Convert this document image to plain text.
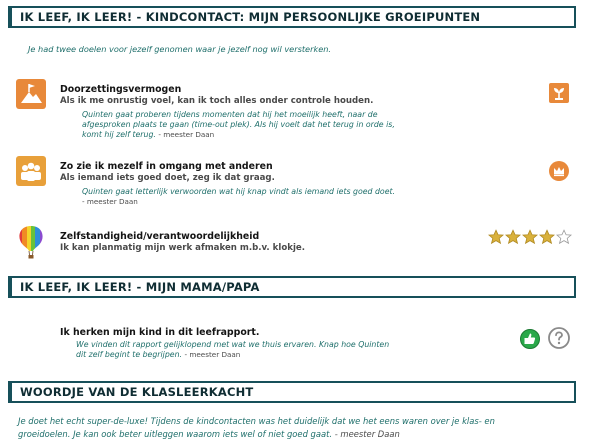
IK LEEF, IK LEER! - KINDCONTACT: MIJN PERSOONLIJKE GROEIPUNTEN
Je had twee doelen voor jezelf genomen waar je jezelf nog wil versterken.
Doorzettingsvermogen
Als ik me onrustig voel, kan ik toch alles onder controle houden.
Quinten gaat proberen tijdens momenten dat hij het moeilijk heeft, naar de
afgesproken plaats te gaan (time-out plek). Als hij voelt dat het terug in orde is,
komt hij zelf terug. - meester Daan
Zo zie ik mezelf in omgang met anderen
Als iemand iets goed doet, zeg ik dat graag.
Quinten gaat letterlijk verwoorden wat hij knap vindt als iemand iets goed doet.
- meester Daan
Zelfstandigheid/verantwoordelijkheid
Ik kan planmatig mijn werk afmaken m.b.v. klokje.
IK LEEF, IK LEER! - MIJN MAMA/PAPA
Ik herken mijn kind in dit leefrapport.
We vinden dit rapport gelijklopend met wat we thuis ervaren. Knap hoe Quinten
dit zelf begint te begrijpen. - meester Daan
WOORDJE VAN DE KLASLEERKACHT
Je doet het echt super-de-luxe! Tijdens de kindcontacten was het duidelijk dat we het eens waren over je klas- en
groeidoelen. Je kan ook beter uitleggen waarom iets wel of niet goed gaat. - meester Daan
